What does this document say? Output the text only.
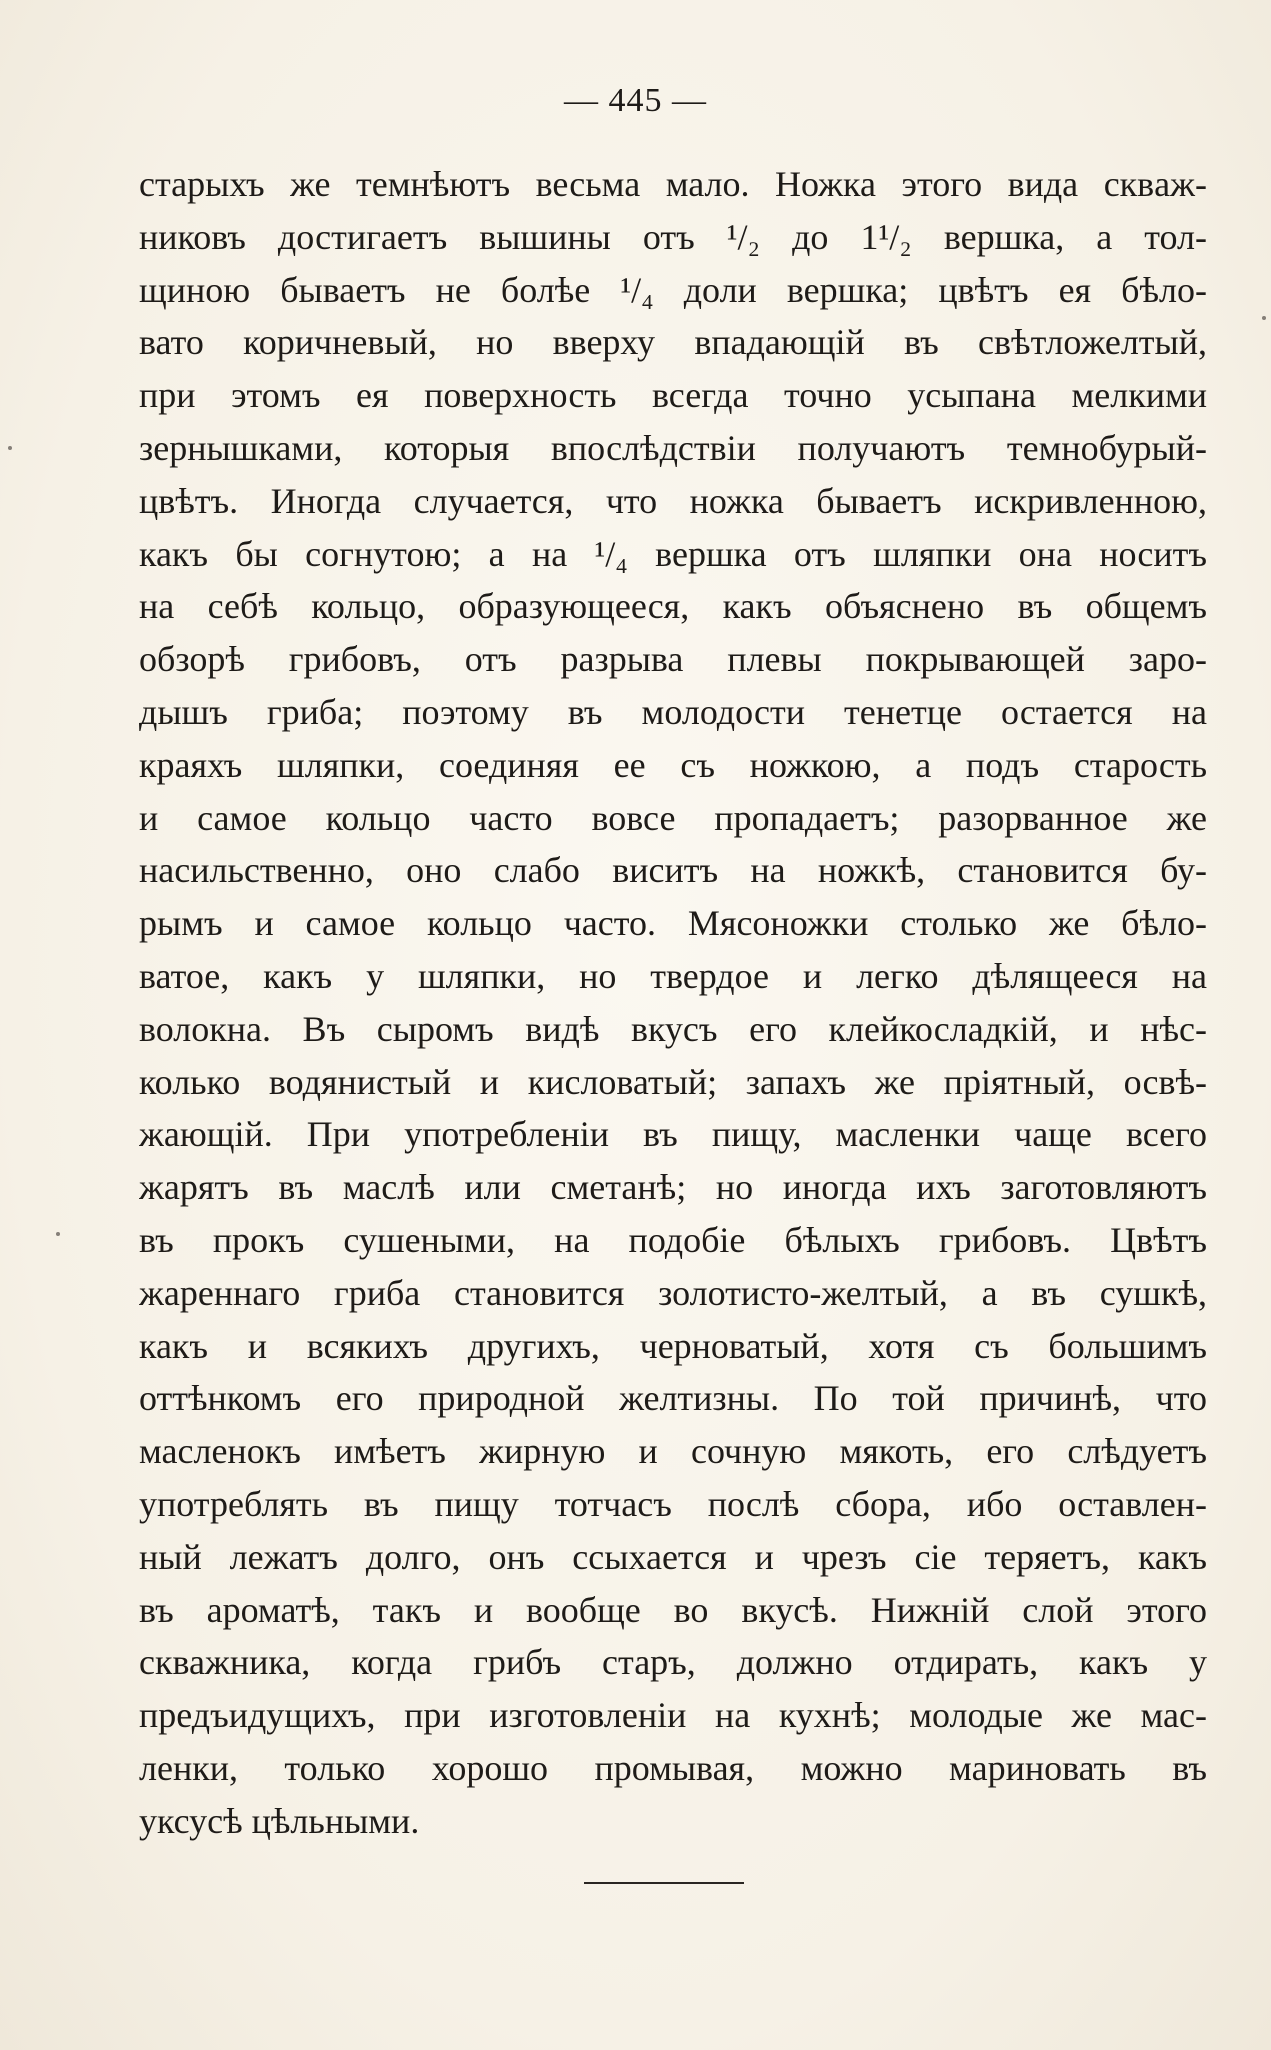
— 445 —
старыхъ же темнѣютъ весьма мало. Ножка этого вида сквaж-
никовъ достигаетъ вышины отъ ¹/₂ до 1¹/₂ вершка, а тол-
щиною бываетъ не болѣе ¹/₄ доли вершка; цвѣтъ ея бѣло-
вато коричневый, но вверху впадающій въ свѣтложелтый,
при этомъ ея поверхность всегда точно усыпана мелкими
зернышками, которыя впослѣдствіи получаютъ темнобурый-
цвѣтъ. Иногда случается, что ножка бываетъ искривленною,
какъ бы согнутою; а на ¹/₄ вершка отъ шляпки она носитъ
на себѣ кольцо, образующееся, какъ объяснено въ общемъ
обзорѣ грибовъ, отъ разрыва плевы покрывающей заро-
дышъ гриба; поэтому въ молодости тенетце остается на
краяхъ шляпки, соединяя ее съ ножкою, а подъ старость
и самое кольцо часто вовсе пропадаетъ; разорванное же
насильственно, оно слабо виситъ на ножкѣ, становится бу-
рымъ и самое кольцо часто. Мясоножки столько же бѣло-
ватое, какъ у шляпки, но твердое и легко дѣлящееся на
волокна. Въ сыромъ видѣ вкусъ его клейкосладкій, и нѣс-
колько водянистый и кисловатый; запахъ же пріятный, освѣ-
жающій. При употребленіи въ пищу, масленки чаще всего
жарятъ въ маслѣ или сметанѣ; но иногда ихъ заготовляютъ
въ прокъ сушеными, на подобіе бѣлыхъ грибовъ. Цвѣтъ
жареннаго гриба становится золотисто-желтый, а въ сушкѣ,
какъ и всякихъ другихъ, черноватый, хотя съ большимъ
оттѣнкомъ его природной желтизны. По той причинѣ, что
масленокъ имѣетъ жирную и сочную мякоть, его слѣдуетъ
употреблять въ пищу тотчасъ послѣ сбора, ибо оставлен-
ный лежатъ долго, онъ ссыхается и чрезъ сіе теряетъ, какъ
въ ароматѣ, такъ и вообще во вкусѣ. Нижній слой этого
скважника, когда грибъ старъ, должно отдирать, какъ у
предъидущихъ, при изготовленіи на кухнѣ; молодые же мас-
ленки, только хорошо промывая, можно мариновать въ
уксусѣ цѣльными.
